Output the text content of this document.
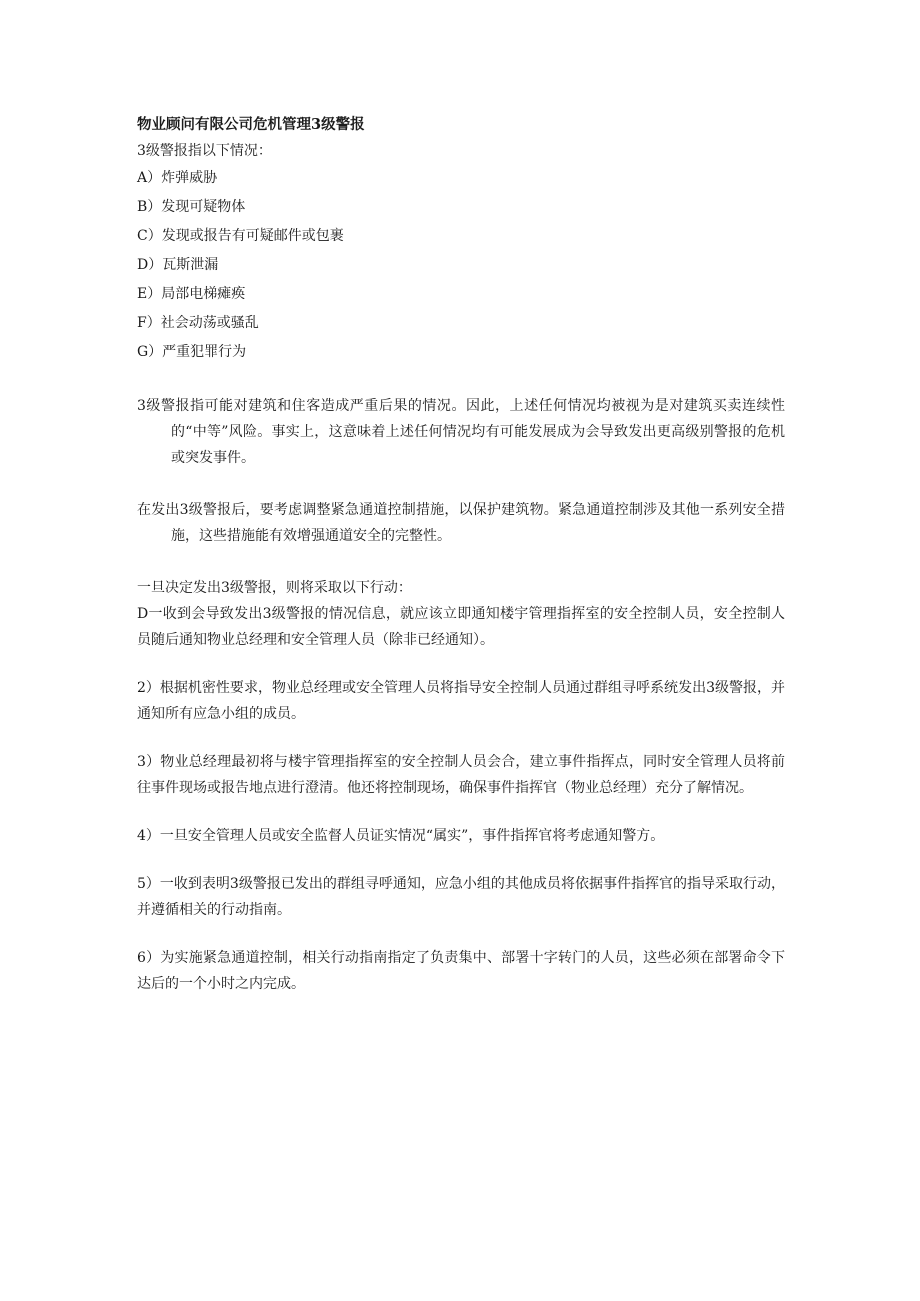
物业顾问有限公司危机管理3级警报

3级警报指以下情况：

A）炸弹威胁

B）发现可疑物体

C）发现或报告有可疑邮件或包裹

D）瓦斯泄漏

E）局部电梯瘫痪

F）社会动荡或骚乱

G）严重犯罪行为

3级警报指可能对建筑和住客造成严重后果的情况。因此，上述任何情况均被视为是对建筑买卖连续性的“中等”风险。事实上，这意味着上述任何情况均有可能发展成为会导致发出更高级别警报的危机或突发事件。

在发出3级警报后，要考虑调整紧急通道控制措施，以保护建筑物。紧急通道控制涉及其他一系列安全措施，这些措施能有效增强通道安全的完整性。

一旦决定发出3级警报，则将采取以下行动：

D一收到会导致发出3级警报的情况信息，就应该立即通知楼宇管理指挥室的安全控制人员，安全控制人员随后通知物业总经理和安全管理人员（除非已经通知）。

2）根据机密性要求，物业总经理或安全管理人员将指导安全控制人员通过群组寻呼系统发出3级警报，并通知所有应急小组的成员。

3）物业总经理最初将与楼宇管理指挥室的安全控制人员会合，建立事件指挥点，同时安全管理人员将前往事件现场或报告地点进行澄清。他还将控制现场，确保事件指挥官（物业总经理）充分了解情况。

4）一旦安全管理人员或安全监督人员证实情况“属实”，事件指挥官将考虑通知警方。

5）一收到表明3级警报已发出的群组寻呼通知，应急小组的其他成员将依据事件指挥官的指导采取行动，并遵循相关的行动指南。

6）为实施紧急通道控制，相关行动指南指定了负责集中、部署十字转门的人员，这些必须在部署命令下达后的一个小时之内完成。
